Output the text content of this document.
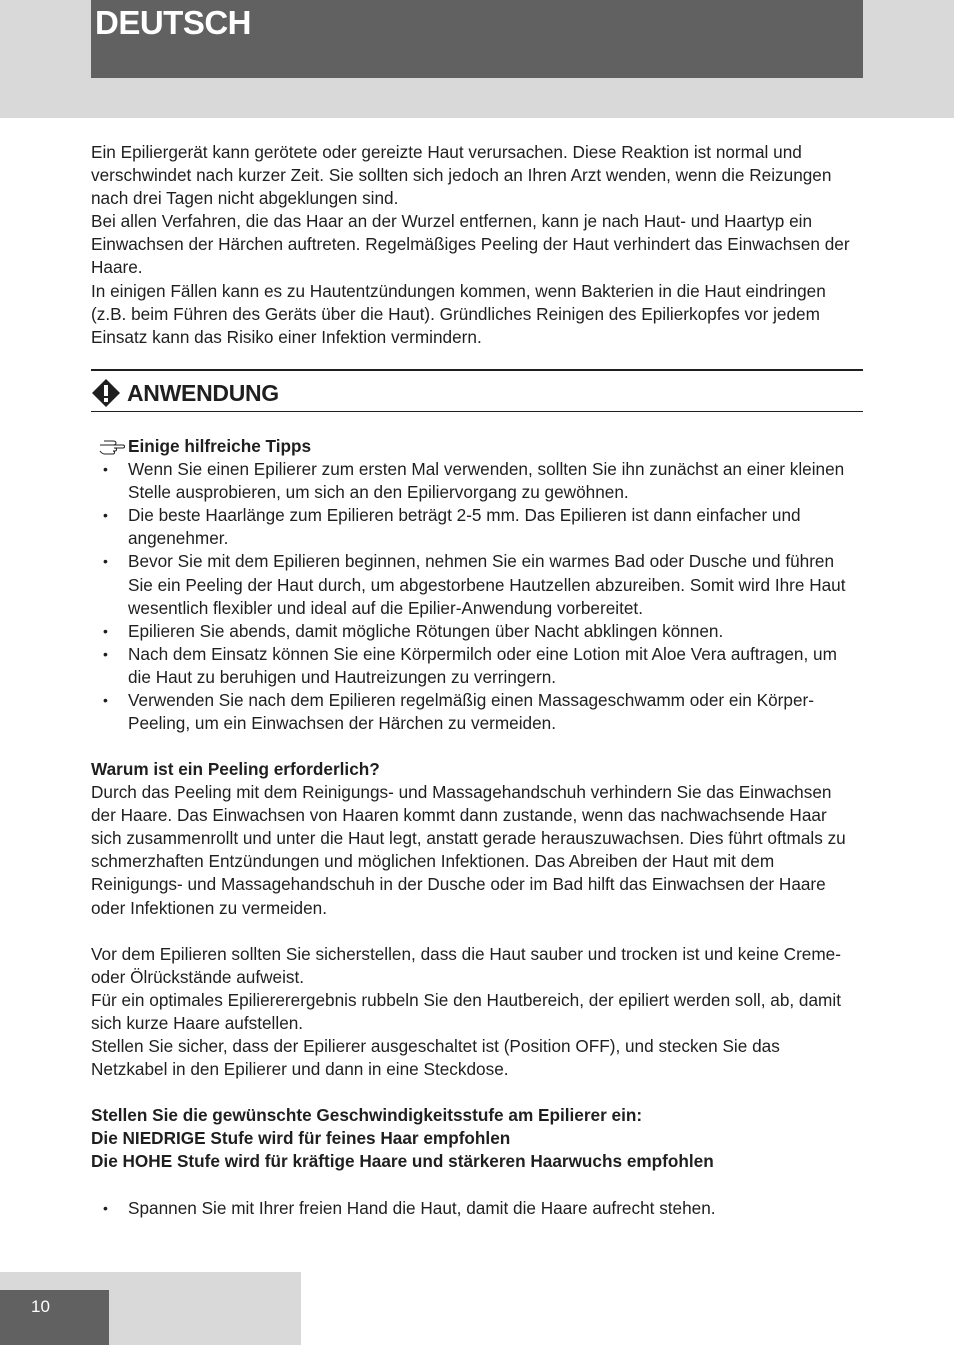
DEUTSCH

Ein Epiliergerät kann gerötete oder gereizte Haut verursachen. Diese Reaktion ist normal und verschwindet nach kurzer Zeit. Sie sollten sich jedoch an Ihren Arzt wenden, wenn die Reizungen nach drei Tagen nicht abgeklungen sind.

Bei allen Verfahren, die das Haar an der Wurzel entfernen, kann je nach Haut- und Haartyp ein Einwachsen der Härchen auftreten. Regelmäßiges Peeling der Haut verhindert das Einwachsen der Haare.

In einigen Fällen kann es zu Hautentzündungen kommen, wenn Bakterien in die Haut eindringen (z.B. beim Führen des Geräts über die Haut). Gründliches Reinigen des Epilierkopfes vor jedem Einsatz kann das Risiko einer Infektion vermindern.

ANWENDUNG

Einige hilfreiche Tipps

• Wenn Sie einen Epilierer zum ersten Mal verwenden, sollten Sie ihn zunächst an einer kleinen Stelle ausprobieren, um sich an den Epiliervorgang zu gewöhnen.
• Die beste Haarlänge zum Epilieren beträgt 2-5 mm. Das Epilieren ist dann einfacher und angenehmer.
• Bevor Sie mit dem Epilieren beginnen, nehmen Sie ein warmes Bad oder Dusche und führen Sie ein Peeling der Haut durch, um abgestorbene Hautzellen abzureiben. Somit wird Ihre Haut wesentlich flexibler und ideal auf die Epilier-Anwendung vorbereitet.
• Epilieren Sie abends, damit mögliche Rötungen über Nacht abklingen können.
• Nach dem Einsatz können Sie eine Körpermilch oder eine Lotion mit Aloe Vera auftragen, um die Haut zu beruhigen und Hautreizungen zu verringern.
• Verwenden Sie nach dem Epilieren regelmäßig einen Massageschwamm oder ein Körper-Peeling, um ein Einwachsen der Härchen zu vermeiden.

Warum ist ein Peeling erforderlich?

Durch das Peeling mit dem Reinigungs- und Massagehandschuh verhindern Sie das Einwachsen der Haare. Das Einwachsen von Haaren kommt dann zustande, wenn das nachwachsende Haar sich zusammenrollt und unter die Haut legt, anstatt gerade herauszuwachsen. Dies führt oftmals zu schmerzhaften Entzündungen und möglichen Infektionen. Das Abreiben der Haut mit dem Reinigungs- und Massagehandschuh in der Dusche oder im Bad hilft das Einwachsen der Haare oder Infektionen zu vermeiden.

Vor dem Epilieren sollten Sie sicherstellen, dass die Haut sauber und trocken ist und keine Creme- oder Ölrückstände aufweist.

Für ein optimales Epiliererergebnis rubbeln Sie den Hautbereich, der epiliert werden soll, ab, damit sich kurze Haare aufstellen.

Stellen Sie sicher, dass der Epilierer ausgeschaltet ist (Position OFF), und stecken Sie das Netzkabel in den Epilierer und dann in eine Steckdose.

Stellen Sie die gewünschte Geschwindigkeitsstufe am Epilierer ein:

Die NIEDRIGE Stufe wird für feines Haar empfohlen

Die HOHE Stufe wird für kräftige Haare und stärkeren Haarwuchs empfohlen

• Spannen Sie mit Ihrer freien Hand die Haut, damit die Haare aufrecht stehen.
10
